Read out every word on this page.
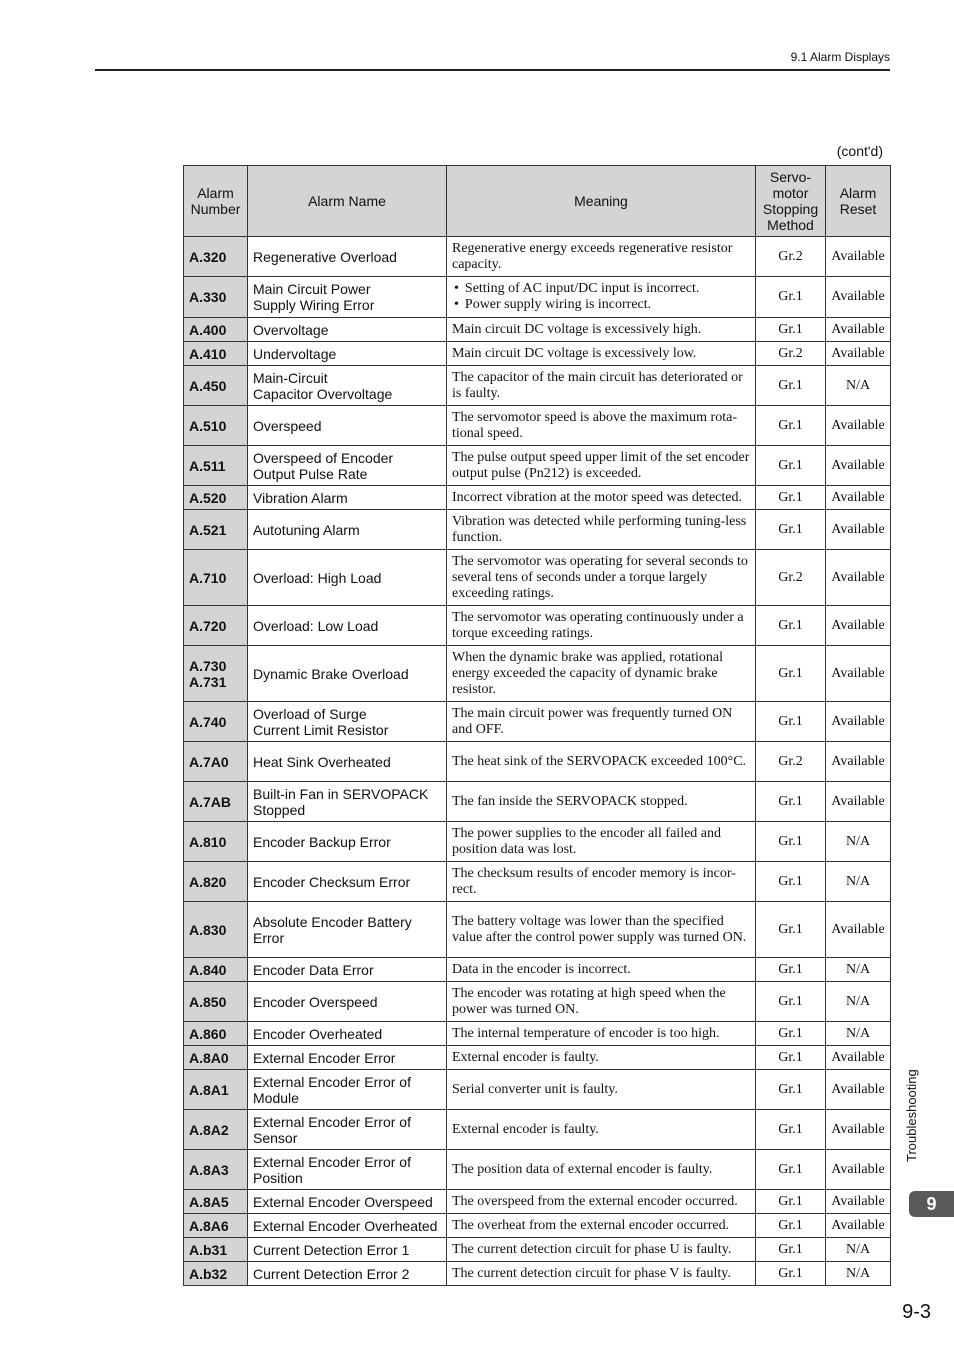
9.1 Alarm Displays
(cont'd)
Alarm
Number	Alarm Name	Meaning	Servo-
motor
Stopping
Method	Alarm
Reset

A.320	Regenerative Overload	Regenerative energy exceeds regenerative resistor capacity.	Gr.2	Available

A.330	Main Circuit Power
Supply Wiring Error	• Setting of AC input/DC input is incorrect.
• Power supply wiring is incorrect.	Gr.1	Available

A.400	Overvoltage	Main circuit DC voltage is excessively high.	Gr.1	Available

A.410	Undervoltage	Main circuit DC voltage is excessively low.	Gr.2	Available

A.450	Main-Circuit
Capacitor Overvoltage	The capacitor of the main circuit has deteriorated or is faulty.	Gr.1	N/A

A.510	Overspeed	The servomotor speed is above the maximum rota-tional speed.	Gr.1	Available

A.511	Overspeed of Encoder
Output Pulse Rate	The pulse output speed upper limit of the set encoder output pulse (Pn212) is exceeded.	Gr.1	Available

A.520	Vibration Alarm	Incorrect vibration at the motor speed was detected.	Gr.1	Available

A.521	Autotuning Alarm	Vibration was detected while performing tuning-less function.	Gr.1	Available

A.710	Overload: High Load	The servomotor was operating for several seconds to several tens of seconds under a torque largely exceeding ratings.	Gr.2	Available

A.720	Overload: Low Load	The servomotor was operating continuously under a torque exceeding ratings.	Gr.1	Available

A.730
A.731	Dynamic Brake Overload	When the dynamic brake was applied, rotational energy exceeded the capacity of dynamic brake resistor.	Gr.1	Available

A.740	Overload of Surge
Current Limit Resistor	The main circuit power was frequently turned ON and OFF.	Gr.1	Available

A.7A0	Heat Sink Overheated	The heat sink of the SERVOPACK exceeded 100°C.	Gr.2	Available

A.7AB	Built-in Fan in SERVOPACK
Stopped	The fan inside the SERVOPACK stopped.	Gr.1	Available

A.810	Encoder Backup Error	The power supplies to the encoder all failed and position data was lost.	Gr.1	N/A

A.820	Encoder Checksum Error	The checksum results of encoder memory is incor-rect.	Gr.1	N/A

A.830	Absolute Encoder Battery
Error	The battery voltage was lower than the specified value after the control power supply was turned ON.	Gr.1	Available

A.840	Encoder Data Error	Data in the encoder is incorrect.	Gr.1	N/A

A.850	Encoder Overspeed	The encoder was rotating at high speed when the power was turned ON.	Gr.1	N/A

A.860	Encoder Overheated	The internal temperature of encoder is too high.	Gr.1	N/A

A.8A0	External Encoder Error	External encoder is faulty.	Gr.1	Available

A.8A1	External Encoder Error of
Module	Serial converter unit is faulty.	Gr.1	Available

A.8A2	External Encoder Error of
Sensor	External encoder is faulty.	Gr.1	Available

A.8A3	External Encoder Error of
Position	The position data of external encoder is faulty.	Gr.1	Available

A.8A5	External Encoder Overspeed	The overspeed from the external encoder occurred.	Gr.1	Available

A.8A6	External Encoder Overheated	The overheat from the external encoder occurred.	Gr.1	Available

A.b31	Current Detection Error 1	The current detection circuit for phase U is faulty.	Gr.1	N/A

A.b32	Current Detection Error 2	The current detection circuit for phase V is faulty.	Gr.1	N/A
Troubleshooting
9
9-3
